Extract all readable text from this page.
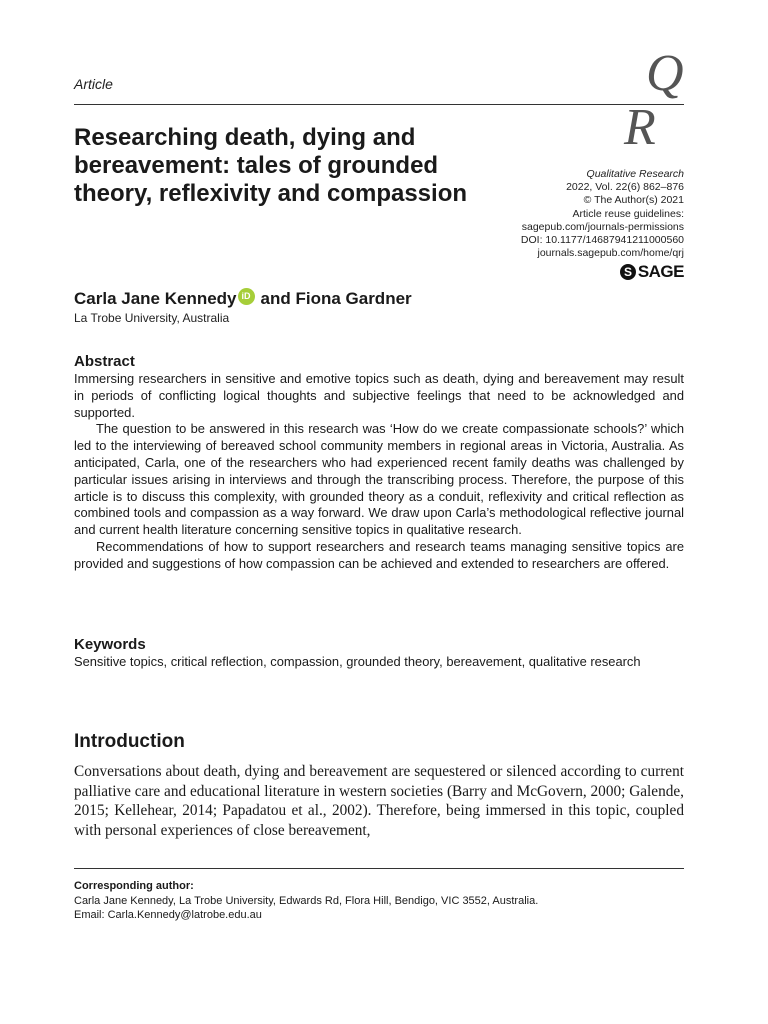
Article	Q
R
Researching death, dying and bereavement: tales of grounded theory, reflexivity and compassion
Qualitative Research
2022, Vol. 22(6) 862–876
© The Author(s) 2021
Article reuse guidelines:
sagepub.com/journals-permissions
DOI: 10.1177/14687941211000560
journals.sagepub.com/home/qrj
S SAGE
Carla Jane Kennedy iD and Fiona Gardner
La Trobe University, Australia
Abstract

Immersing researchers in sensitive and emotive topics such as death, dying and bereavement may result in periods of conflicting logical thoughts and subjective feelings that need to be acknowledged and supported.

The question to be answered in this research was ‘How do we create compassionate schools?’ which led to the interviewing of bereaved school community members in regional areas in Victoria, Australia. As anticipated, Carla, one of the researchers who had experienced recent family deaths was challenged by particular issues arising in interviews and through the transcribing process. Therefore, the purpose of this article is to discuss this complexity, with grounded theory as a conduit, reflexivity and critical reflection as combined tools and compassion as a way forward. We draw upon Carla’s methodological reflective journal and current health literature concerning sensitive topics in qualitative research.

Recommendations of how to support researchers and research teams managing sensitive topics are provided and suggestions of how compassion can be achieved and extended to researchers are offered.

Keywords
Sensitive topics, critical reflection, compassion, grounded theory, bereavement, qualitative research
Introduction
Conversations about death, dying and bereavement are sequestered or silenced according to current palliative care and educational literature in western societies (Barry and McGovern, 2000; Galende, 2015; Kellehear, 2014; Papadatou et al., 2002). Therefore, being immersed in this topic, coupled with personal experiences of close bereavement,
Corresponding author:
Carla Jane Kennedy, La Trobe University, Edwards Rd, Flora Hill, Bendigo, VIC 3552, Australia.
Email: Carla.Kennedy@latrobe.edu.au
